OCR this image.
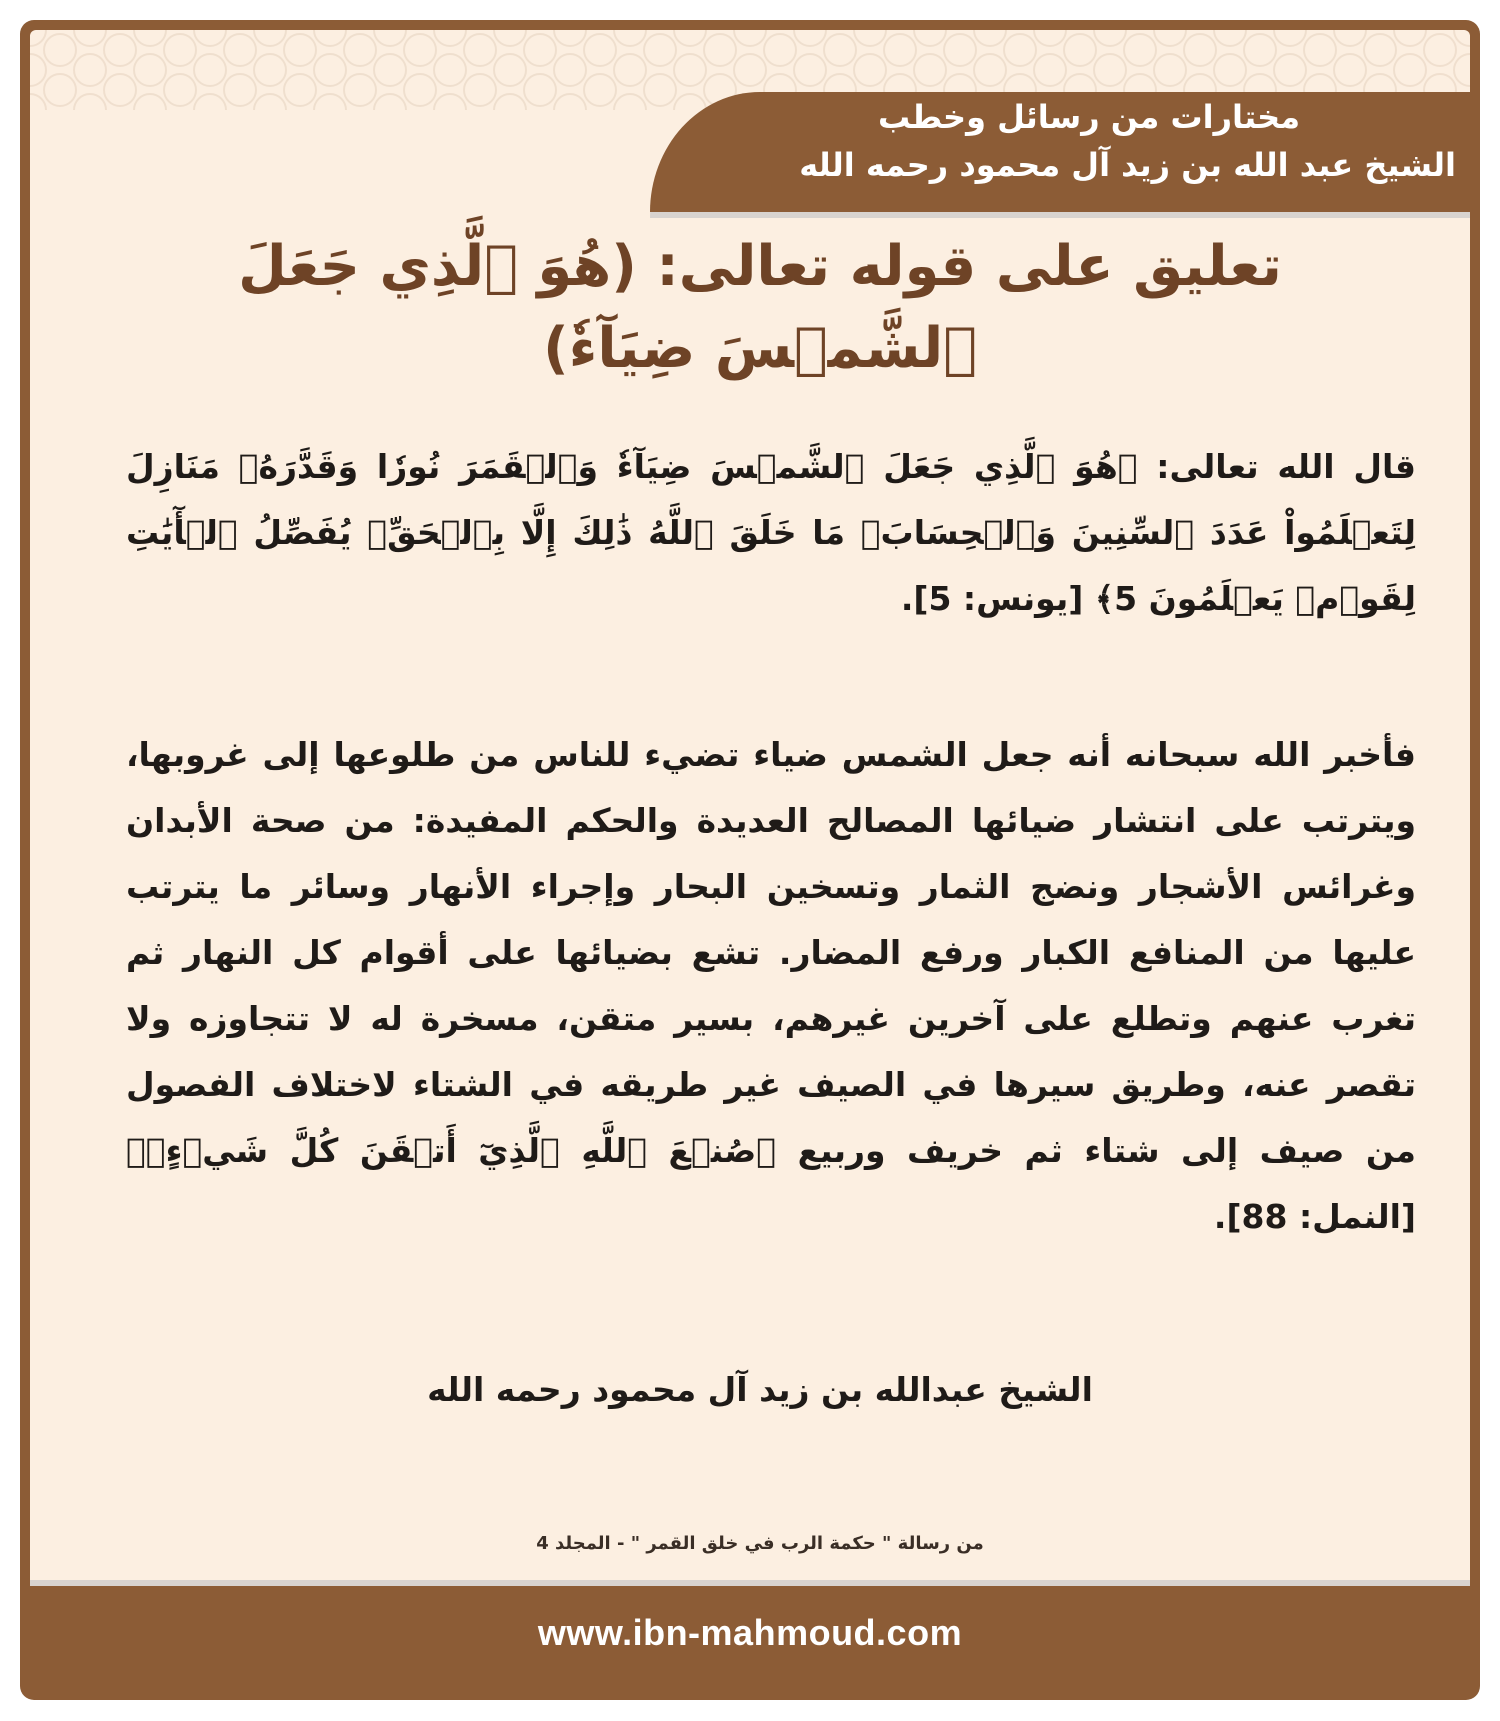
مختارات من رسائل وخطب
الشيخ عبد الله بن زيد آل محمود رحمه الله
تعليق على قوله تعالى: (هُوَ ٱلَّذِي جَعَلَ ٱلشَّمۡسَ ضِيَآءٗ)
قال الله تعالى: ﴿هُوَ ٱلَّذِي جَعَلَ ٱلشَّمۡسَ ضِيَآءٗ وَٱلۡقَمَرَ نُورٗا وَقَدَّرَهُۥ مَنَازِلَ لِتَعۡلَمُواْ عَدَدَ ٱلسِّنِينَ وَٱلۡحِسَابَۚ مَا خَلَقَ ٱللَّهُ ذَٰلِكَ إِلَّا بِٱلۡحَقِّۚ يُفَصِّلُ ٱلۡأٓيَٰتِ لِقَوۡمٖ يَعۡلَمُونَ 5﴾ [يونس: 5].
فأخبر الله سبحانه أنه جعل الشمس ضياء تضيء للناس من طلوعها إلى غروبها، ويترتب على انتشار ضيائها المصالح العديدة والحكم المفيدة: من صحة الأبدان وغرائس الأشجار ونضج الثمار وتسخين البحار وإجراء الأنهار وسائر ما يترتب عليها من المنافع الكبار ورفع المضار. تشع بضيائها على أقوام كل النهار ثم تغرب عنهم وتطلع على آخرين غيرهم، بسير متقن، مسخرة له لا تتجاوزه ولا تقصر عنه، وطريق سيرها في الصيف غير طريقه في الشتاء لاختلاف الفصول من صيف إلى شتاء ثم خريف وربيع ﴿صُنۡعَ ٱللَّهِ ٱلَّذِيٓ أَتۡقَنَ كُلَّ شَيۡءٍۚ﴾ [النمل: 88].
الشيخ عبدالله بن زيد آل محمود رحمه الله
من رسالة " حكمة الرب في خلق القمر " - المجلد 4
www.ibn-mahmoud.com
